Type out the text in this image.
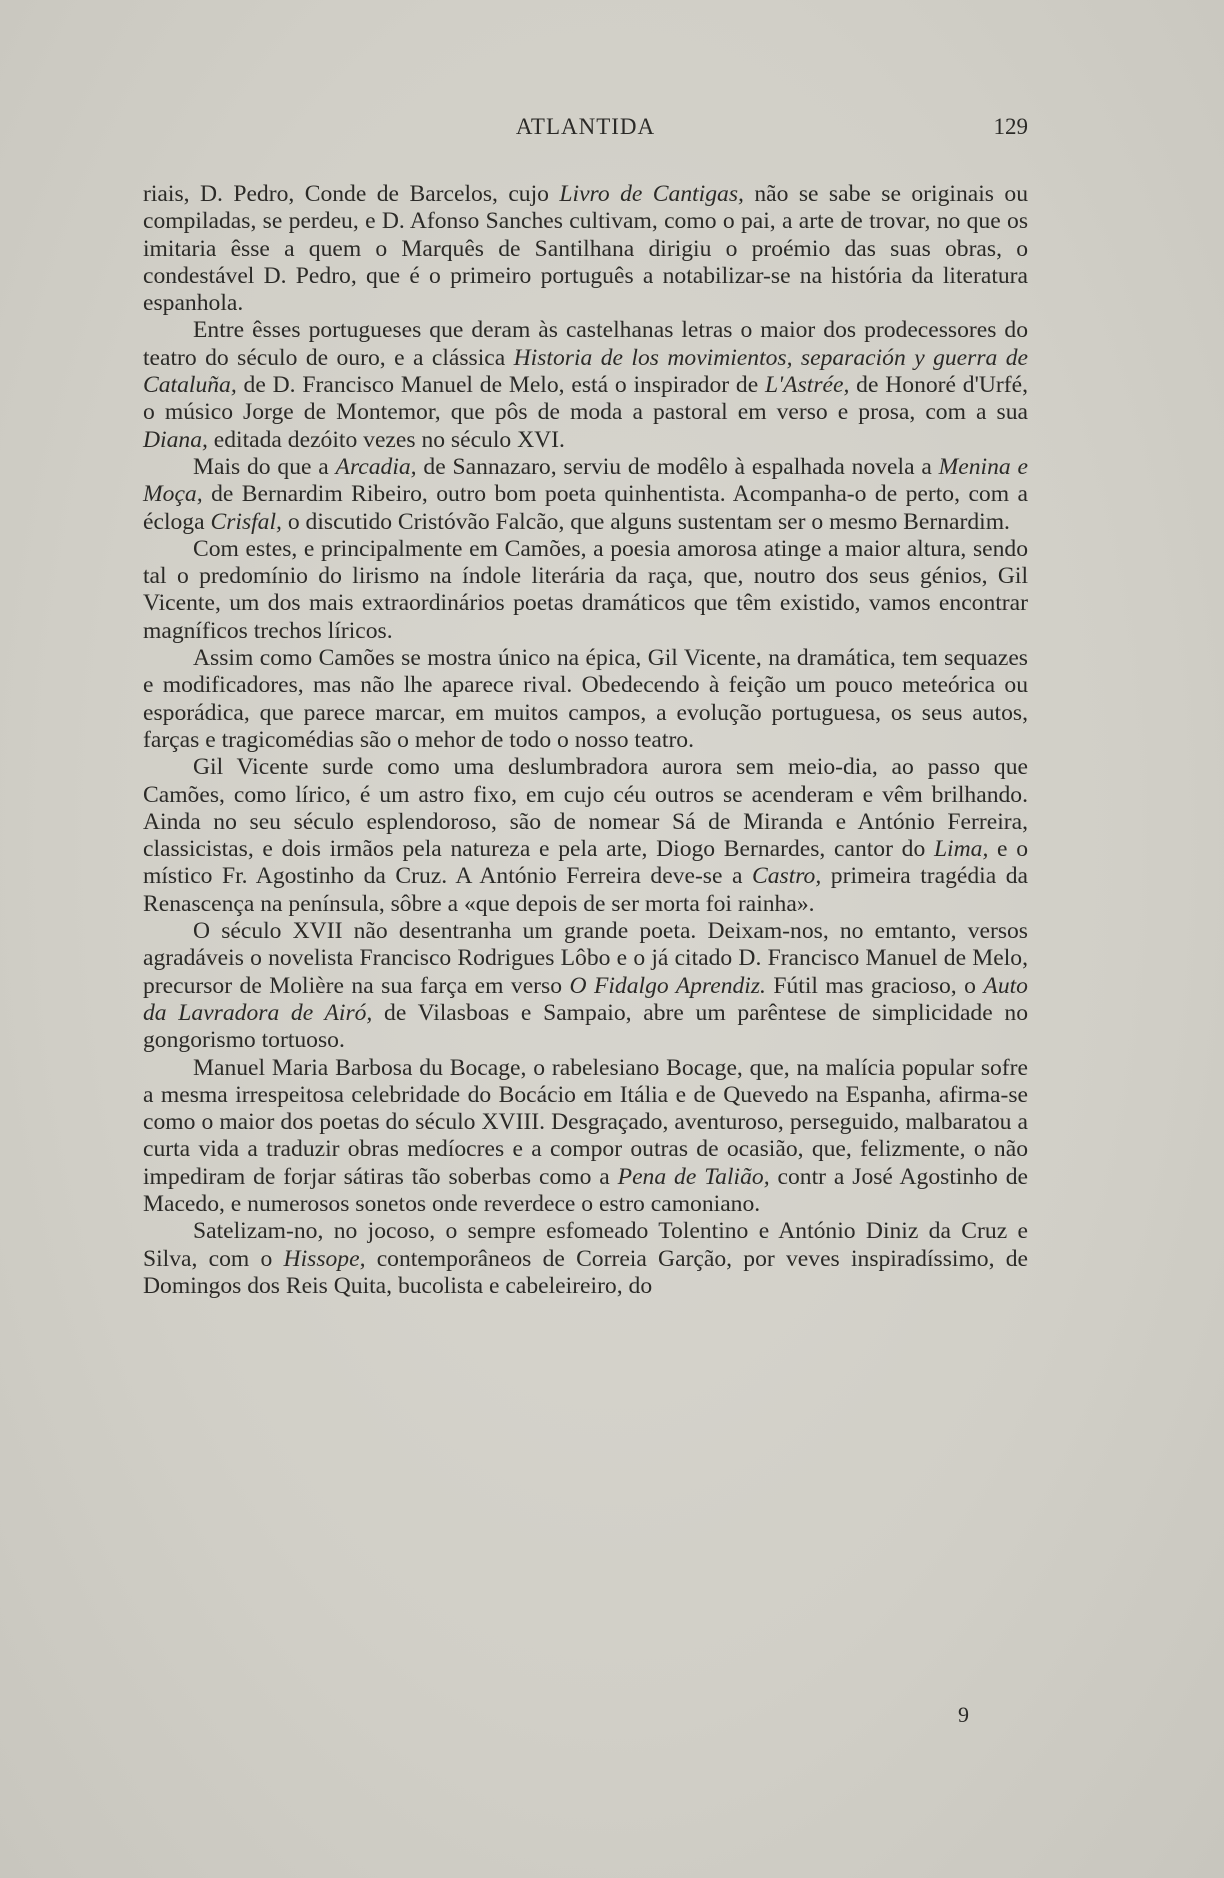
ATLANTIDA	129

riais, D. Pedro, Conde de Barcelos, cujo Livro de Cantigas, não se sabe se originais ou compiladas, se perdeu, e D. Afonso Sanches cultivam, como o pai, a arte de trovar, no que os imitaria êsse a quem o Marquês de Santilhana dirigiu o proémio das suas obras, o condestável D. Pedro, que é o primeiro português a notabilizar-se na história da literatura espanhola.

Entre êsses portugueses que deram às castelhanas letras o maior dos prodecessores do teatro do século de ouro, e a clássica Historia de los movimientos, separación y guerra de Cataluña, de D. Francisco Manuel de Melo, está o inspirador de L'Astrée, de Honoré d'Urfé, o músico Jorge de Montemor, que pôs de moda a pastoral em verso e prosa, com a sua Diana, editada dezóito vezes no século XVI.

Mais do que a Arcadia, de Sannazaro, serviu de modêlo à espalhada novela a Menina e Moça, de Bernardim Ribeiro, outro bom poeta quinhentista. Acompanha-o de perto, com a écloga Crisfal, o discutido Cristóvão Falcão, que alguns sustentam ser o mesmo Bernardim.

Com estes, e principalmente em Camões, a poesia amorosa atinge a maior altura, sendo tal o predomínio do lirismo na índole literária da raça, que, noutro dos seus génios, Gil Vicente, um dos mais extraordinários poetas dramáticos que têm existido, vamos encontrar magníficos trechos líricos.

Assim como Camões se mostra único na épica, Gil Vicente, na dramática, tem sequazes e modificadores, mas não lhe aparece rival. Obedecendo à feição um pouco meteórica ou esporádica, que parece marcar, em muitos campos, a evolução portuguesa, os seus autos, farças e tragicomédias são o mehor de todo o nosso teatro.

Gil Vicente surde como uma deslumbradora aurora sem meio-dia, ao passo que Camões, como lírico, é um astro fixo, em cujo céu outros se acenderam e vêm brilhando. Ainda no seu século esplendoroso, são de nomear Sá de Miranda e António Ferreira, classicistas, e dois irmãos pela natureza e pela arte, Diogo Bernardes, cantor do Lima, e o místico Fr. Agostinho da Cruz. A António Ferreira deve-se a Castro, primeira tragédia da Renascença na península, sôbre a «que depois de ser morta foi rainha».

O século XVII não desentranha um grande poeta. Deixam-nos, no emtanto, versos agradáveis o novelista Francisco Rodrigues Lôbo e o já citado D. Francisco Manuel de Melo, precursor de Molière na sua farça em verso O Fidalgo Aprendiz. Fútil mas gracioso, o Auto da Lavradora de Airó, de Vilasboas e Sampaio, abre um parêntese de simplicidade no gongorismo tortuoso.

Manuel Maria Barbosa du Bocage, o rabelesiano Bocage, que, na malícia popular sofre a mesma irrespeitosa celebridade do Bocácio em Itália e de Quevedo na Espanha, afirma-se como o maior dos poetas do século XVIII. Desgraçado, aventuroso, perseguido, malbaratou a curta vida a traduzir obras medíocres e a compor outras de ocasião, que, felizmente, o não impediram de forjar sátiras tão soberbas como a Pena de Talião, contr a José Agostinho de Macedo, e numerosos sonetos onde reverdece o estro camoniano.

Satelizam-no, no jocoso, o sempre esfomeado Tolentino e António Diniz da Cruz e Silva, com o Hissope, contemporâneos de Correia Garção, por veves inspiradíssimo, de Domingos dos Reis Quita, bucolista e cabeleireiro, do

9
